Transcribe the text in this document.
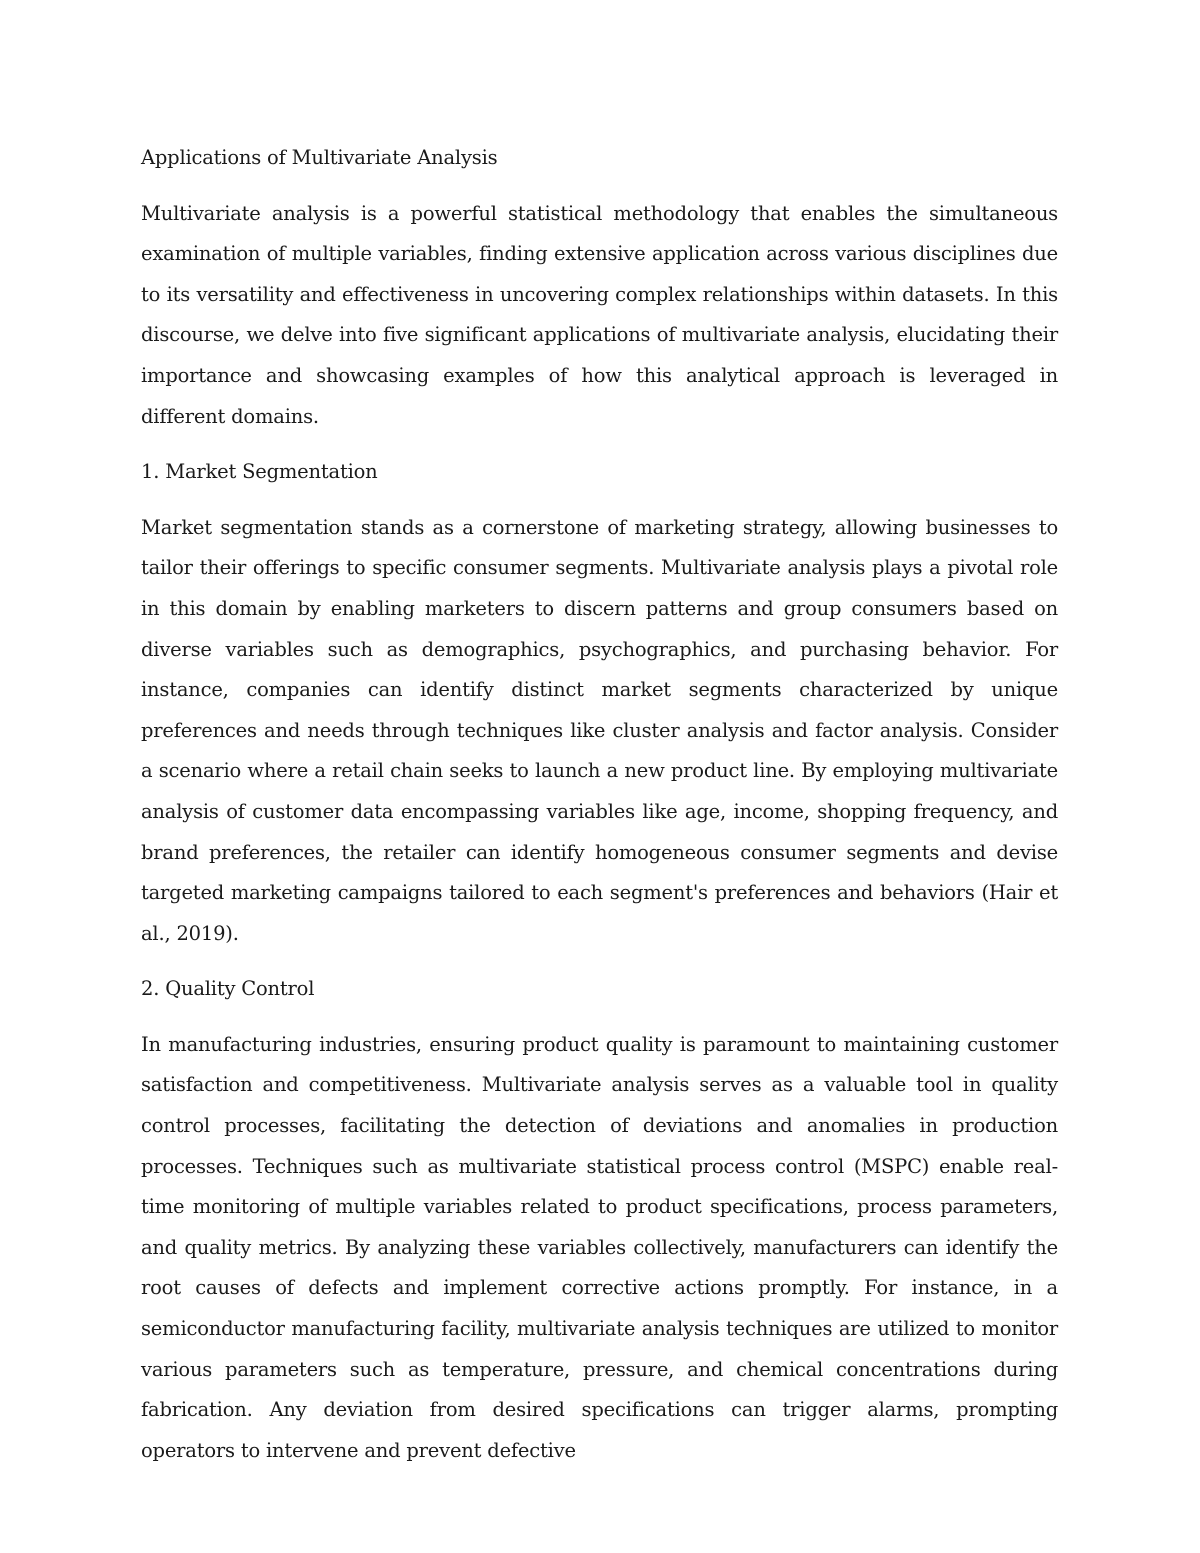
Applications of Multivariate Analysis

Multivariate analysis is a powerful statistical methodology that enables the simultaneous examination of multiple variables, finding extensive application across various disciplines due to its versatility and effectiveness in uncovering complex relationships within datasets. In this discourse, we delve into five significant applications of multivariate analysis, elucidating their importance and showcasing examples of how this analytical approach is leveraged in different domains.

1. Market Segmentation

Market segmentation stands as a cornerstone of marketing strategy, allowing businesses to tailor their offerings to specific consumer segments. Multivariate analysis plays a pivotal role in this domain by enabling marketers to discern patterns and group consumers based on diverse variables such as demographics, psychographics, and purchasing behavior. For instance, companies can identify distinct market segments characterized by unique preferences and needs through techniques like cluster analysis and factor analysis. Consider a scenario where a retail chain seeks to launch a new product line. By employing multivariate analysis of customer data encompassing variables like age, income, shopping frequency, and brand preferences, the retailer can identify homogeneous consumer segments and devise targeted marketing campaigns tailored to each segment's preferences and behaviors (Hair et al., 2019).

2. Quality Control

In manufacturing industries, ensuring product quality is paramount to maintaining customer satisfaction and competitiveness. Multivariate analysis serves as a valuable tool in quality control processes, facilitating the detection of deviations and anomalies in production processes. Techniques such as multivariate statistical process control (MSPC) enable real-time monitoring of multiple variables related to product specifications, process parameters, and quality metrics. By analyzing these variables collectively, manufacturers can identify the root causes of defects and implement corrective actions promptly. For instance, in a semiconductor manufacturing facility, multivariate analysis techniques are utilized to monitor various parameters such as temperature, pressure, and chemical concentrations during fabrication. Any deviation from desired specifications can trigger alarms, prompting operators to intervene and prevent defective
